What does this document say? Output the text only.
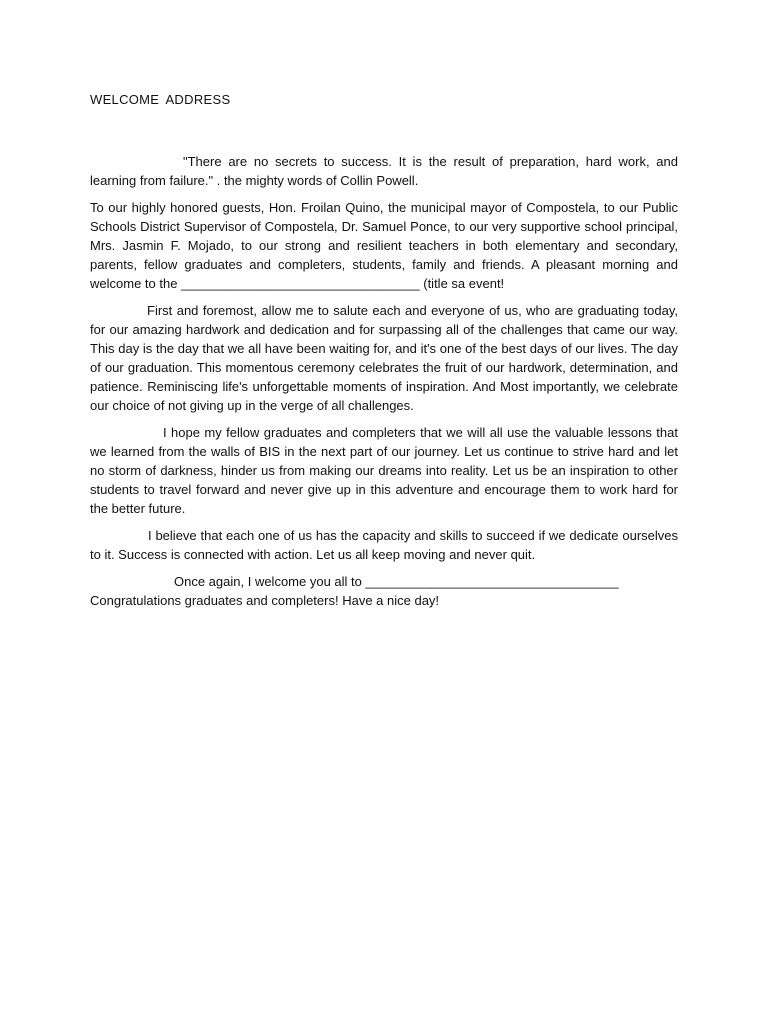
WELCOME ADDRESS

"There are no secrets to success. It is the result of preparation, hard work, and learning from failure." . the mighty words of Collin Powell.

To our highly honored guests, Hon. Froilan Quino, the municipal mayor of Compostela, to our Public Schools District Supervisor of Compostela, Dr. Samuel Ponce, to our very supportive school principal, Mrs. Jasmin F. Mojado, to our strong and resilient teachers in both elementary and secondary, parents, fellow graduates and completers, students, family and friends. A pleasant morning and welcome to the _________________________________ (title sa event!

First and foremost, allow me to salute each and everyone of us, who are graduating today, for our amazing hardwork and dedication and for surpassing all of the challenges that came our way. This day is the day that we all have been waiting for, and it's one of the best days of our lives. The day of our graduation. This momentous ceremony celebrates the fruit of our hardwork, determination, and patience. Reminiscing life's unforgettable moments of inspiration. And Most importantly, we celebrate our choice of not giving up in the verge of all challenges.

I hope my fellow graduates and completers that we will all use the valuable lessons that we learned from the walls of BIS in the next part of our journey. Let us continue to strive hard and let no storm of darkness, hinder us from making our dreams into reality. Let us be an inspiration to other students to travel forward and never give up in this adventure and encourage them to work hard for the better future.

I believe that each one of us has the capacity and skills to succeed if we dedicate ourselves to it. Success is connected with action. Let us all keep moving and never quit.

Once again, I welcome you all to ___________________________________

Congratulations graduates and completers! Have a nice day!
